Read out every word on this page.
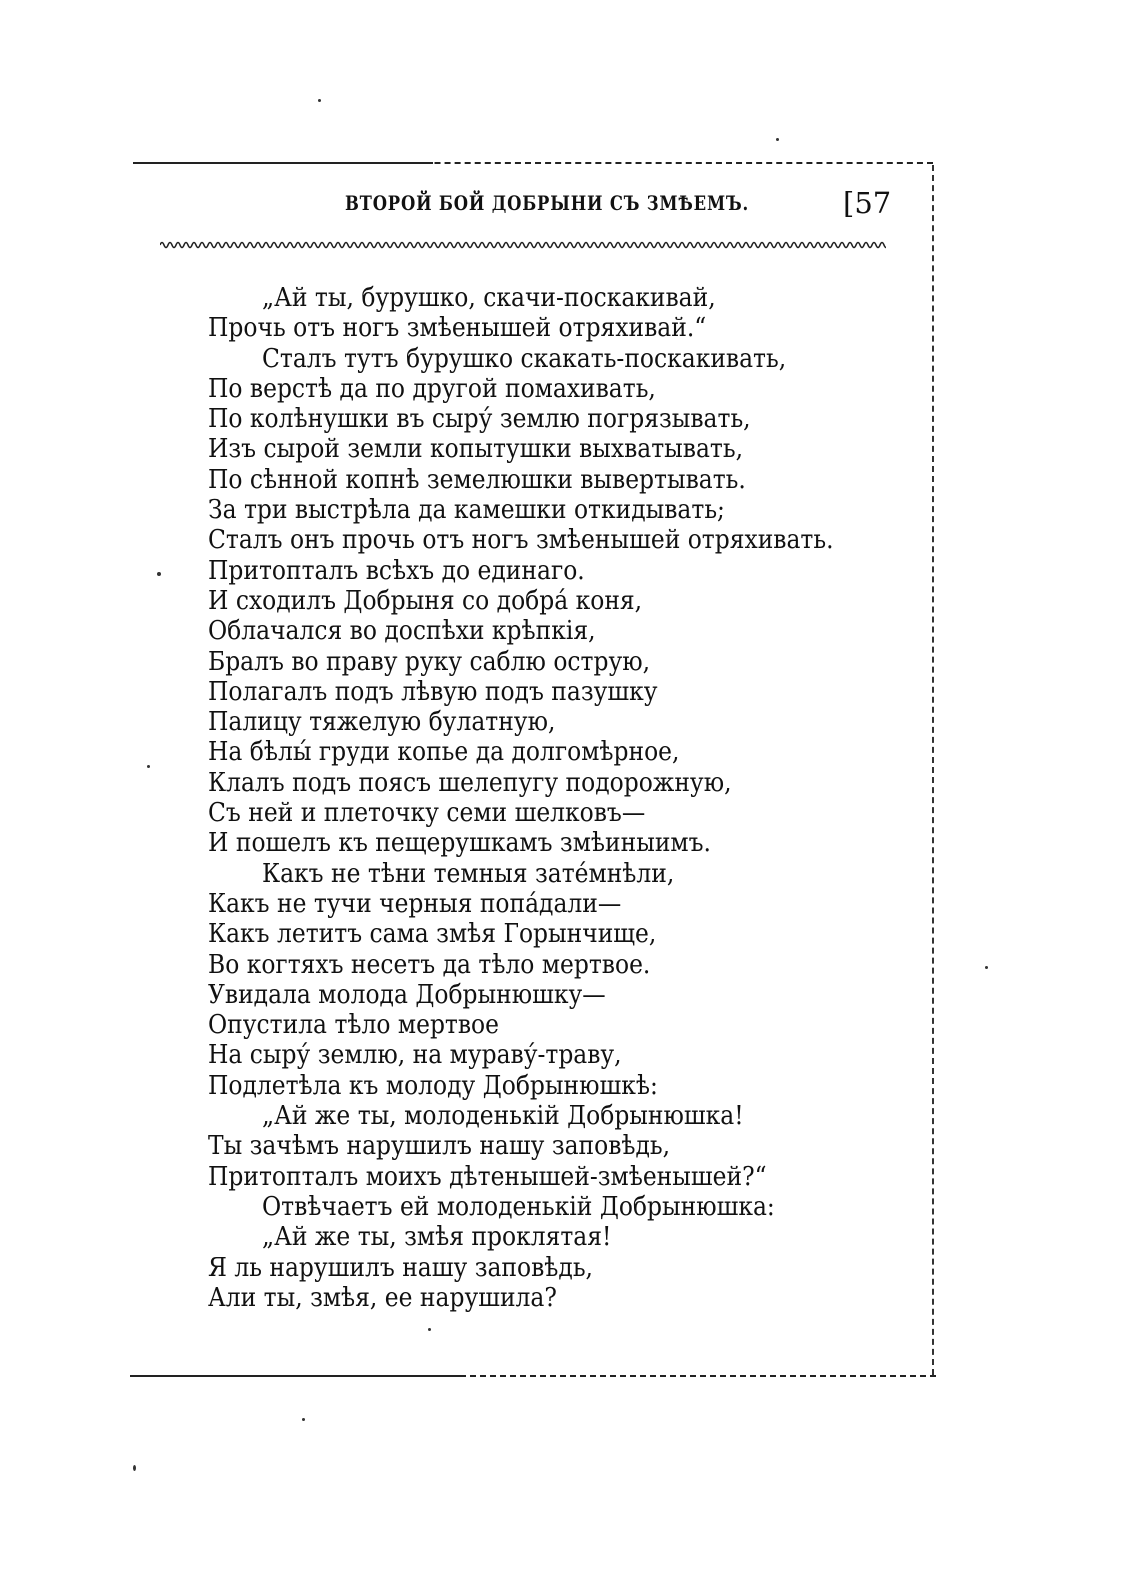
ВТОРОЙ БОЙ ДОБРЫНИ СЪ ЗМѢЕМЪ.	[57
„Ай ты, бурушко, скачи-поскакивай,
Прочь отъ ногъ змѣенышей отряхивай.“
Сталъ тутъ бурушко скакать-поскакивать,
По верстѣ да по другой помахивать,
По колѣнушки въ сыру́ землю погрязывать,
Изъ сырой земли копытушки выхватывать,
По сѣнной копнѣ земелюшки вывертывать.
За три выстрѣла да камешки откидывать;
Сталъ онъ прочь отъ ногъ змѣенышей отряхивать.
Притопталъ всѣхъ до единаго.
И сходилъ Добрыня со добра́ коня,
Облачался во доспѣхи крѣпкія,
Бралъ во праву руку саблю острую,
Полагалъ подъ лѣвую подъ пазушку
Палицу тяжелую булатную,
На бѣлы́ груди копье да долгомѣрное,
Клалъ подъ поясъ шелепугу подорожную,
Съ ней и плеточку семи шелковъ—
И пошелъ къ пещерушкамъ змѣиныимъ.
Какъ не тѣни темныя зате́мнѣли,
Какъ не тучи черныя попа́дали—
Какъ летитъ сама змѣя Горынчище,
Во когтяхъ несетъ да тѣло мертвое.
Увидала молода Добрынюшку—
Опустила тѣло мертвое
На сыру́ землю, на мураву́-траву,
Подлетѣла къ молоду Добрынюшкѣ:
„Ай же ты, молоденькій Добрынюшка!
Ты зачѣмъ нарушилъ нашу заповѣдь,
Притопталъ моихъ дѣтенышей-змѣенышей?“
Отвѣчаетъ ей молоденькій Добрынюшка:
„Ай же ты, змѣя проклятая!
Я ль нарушилъ нашу заповѣдь,
Али ты, змѣя, ее нарушила?
